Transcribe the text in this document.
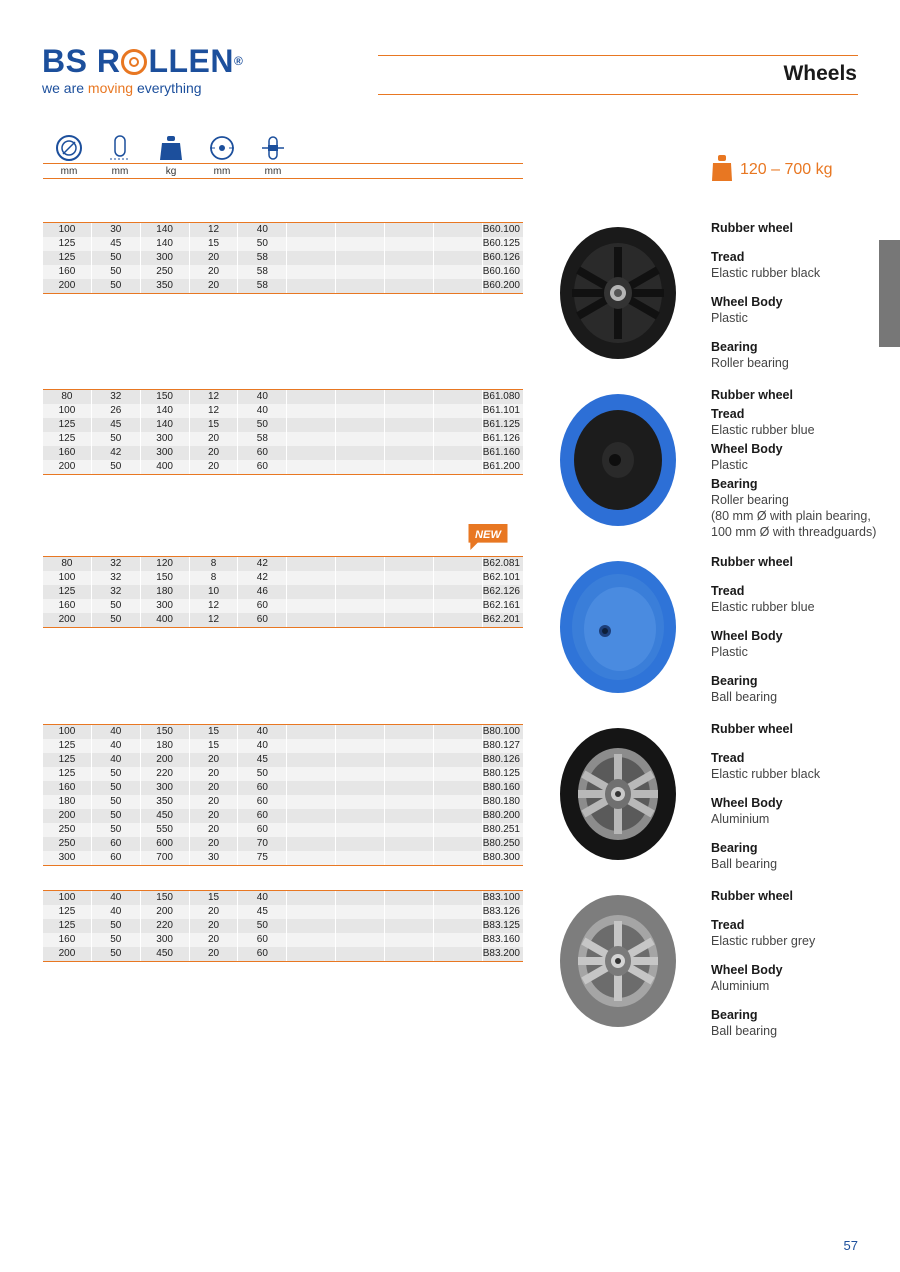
BS R LLEN®
we are moving everything
Wheels
mm	mm	kg	mm	mm	120 – 700 kg
NEW
100	30	140	12	40	B60.100
125	45	140	15	50	B60.125
125	50	300	20	58	B60.126
160	50	250	20	58	B60.160
200	50	350	20	58	B60.200
80	32	150	12	40	B61.080
100	26	140	12	40	B61.101
125	45	140	15	50	B61.125
125	50	300	20	58	B61.126
160	42	300	20	60	B61.160
200	50	400	20	60	B61.200
80	32	120	8	42	B62.081
100	32	150	8	42	B62.101
125	32	180	10	46	B62.126
160	50	300	12	60	B62.161
200	50	400	12	60	B62.201
100	40	150	15	40	B80.100
125	40	180	15	40	B80.127
125	40	200	20	45	B80.126
125	50	220	20	50	B80.125
160	50	300	20	60	B80.160
180	50	350	20	60	B80.180
200	50	450	20	60	B80.200
250	50	550	20	60	B80.251
250	60	600	20	70	B80.250
300	60	700	30	75	B80.300
100	40	150	15	40	B83.100
125	40	200	20	45	B83.126
125	50	220	20	50	B83.125
160	50	300	20	60	B83.160
200	50	450	20	60	B83.200
Rubber wheel
Tread
Elastic rubber black
Wheel Body
Plastic
Bearing
Roller bearing
Rubber wheel
Tread
Elastic rubber blue
Wheel Body
Plastic
Bearing
Roller bearing
(80 mm Ø with plain bearing, 100 mm Ø with threadguards)
Rubber wheel
Tread
Elastic rubber blue
Wheel Body
Plastic
Bearing
Ball bearing
Rubber wheel
Tread
Elastic rubber black
Wheel Body
Aluminium
Bearing
Ball bearing
Rubber wheel
Tread
Elastic rubber grey
Wheel Body
Aluminium
Bearing
Ball bearing
57
